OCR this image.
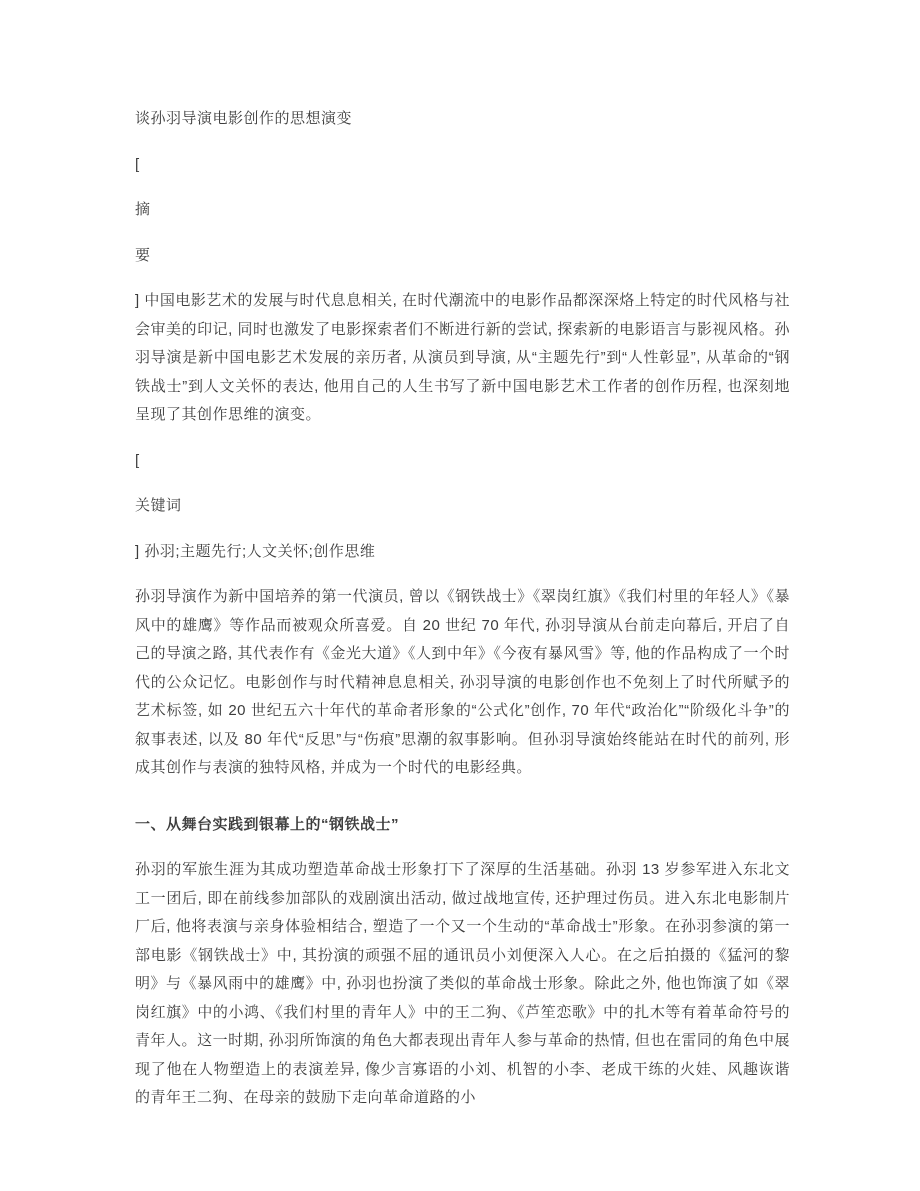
谈孙羽导演电影创作的思想演变

[

摘

要

] 中国电影艺术的发展与时代息息相关, 在时代潮流中的电影作品都深深烙上特定的时代风格与社会审美的印记, 同时也激发了电影探索者们不断进行新的尝试, 探索新的电影语言与影视风格。孙羽导演是新中国电影艺术发展的亲历者, 从演员到导演, 从“主题先行”到“人性彰显”, 从革命的“钢铁战士”到人文关怀的表达, 他用自己的人生书写了新中国电影艺术工作者的创作历程, 也深刻地呈现了其创作思维的演变。

[

关键词

] 孙羽;主题先行;人文关怀;创作思维

孙羽导演作为新中国培养的第一代演员, 曾以《钢铁战士》《翠岗红旗》《我们村里的年轻人》《暴风中的雄鹰》等作品而被观众所喜爱。自 20 世纪 70 年代, 孙羽导演从台前走向幕后, 开启了自己的导演之路, 其代表作有《金光大道》《人到中年》《今夜有暴风雪》等, 他的作品构成了一个时代的公众记忆。电影创作与时代精神息息相关, 孙羽导演的电影创作也不免刻上了时代所赋予的艺术标签, 如 20 世纪五六十年代的革命者形象的“公式化”创作, 70 年代“政治化”“阶级化斗争”的叙事表述, 以及 80 年代“反思”与“伤痕”思潮的叙事影响。但孙羽导演始终能站在时代的前列, 形成其创作与表演的独特风格, 并成为一个时代的电影经典。

一、从舞台实践到银幕上的“钢铁战士”

孙羽的军旅生涯为其成功塑造革命战士形象打下了深厚的生活基础。孙羽 13 岁参军进入东北文工一团后, 即在前线参加部队的戏剧演出活动, 做过战地宣传, 还护理过伤员。进入东北电影制片厂后, 他将表演与亲身体验相结合, 塑造了一个又一个生动的“革命战士”形象。在孙羽参演的第一部电影《钢铁战士》中, 其扮演的顽强不屈的通讯员小刘便深入人心。在之后拍摄的《猛河的黎明》与《暴风雨中的雄鹰》中, 孙羽也扮演了类似的革命战士形象。除此之外, 他也饰演了如《翠岗红旗》中的小鸿、《我们村里的青年人》中的王二狗、《芦笙恋歌》中的扎木等有着革命符号的青年人。这一时期, 孙羽所饰演的角色大都表现出青年人参与革命的热情, 但也在雷同的角色中展现了他在人物塑造上的表演差异, 像少言寡语的小刘、机智的小李、老成干练的火娃、风趣诙谐的青年王二狗、在母亲的鼓励下走向革命道路的小
